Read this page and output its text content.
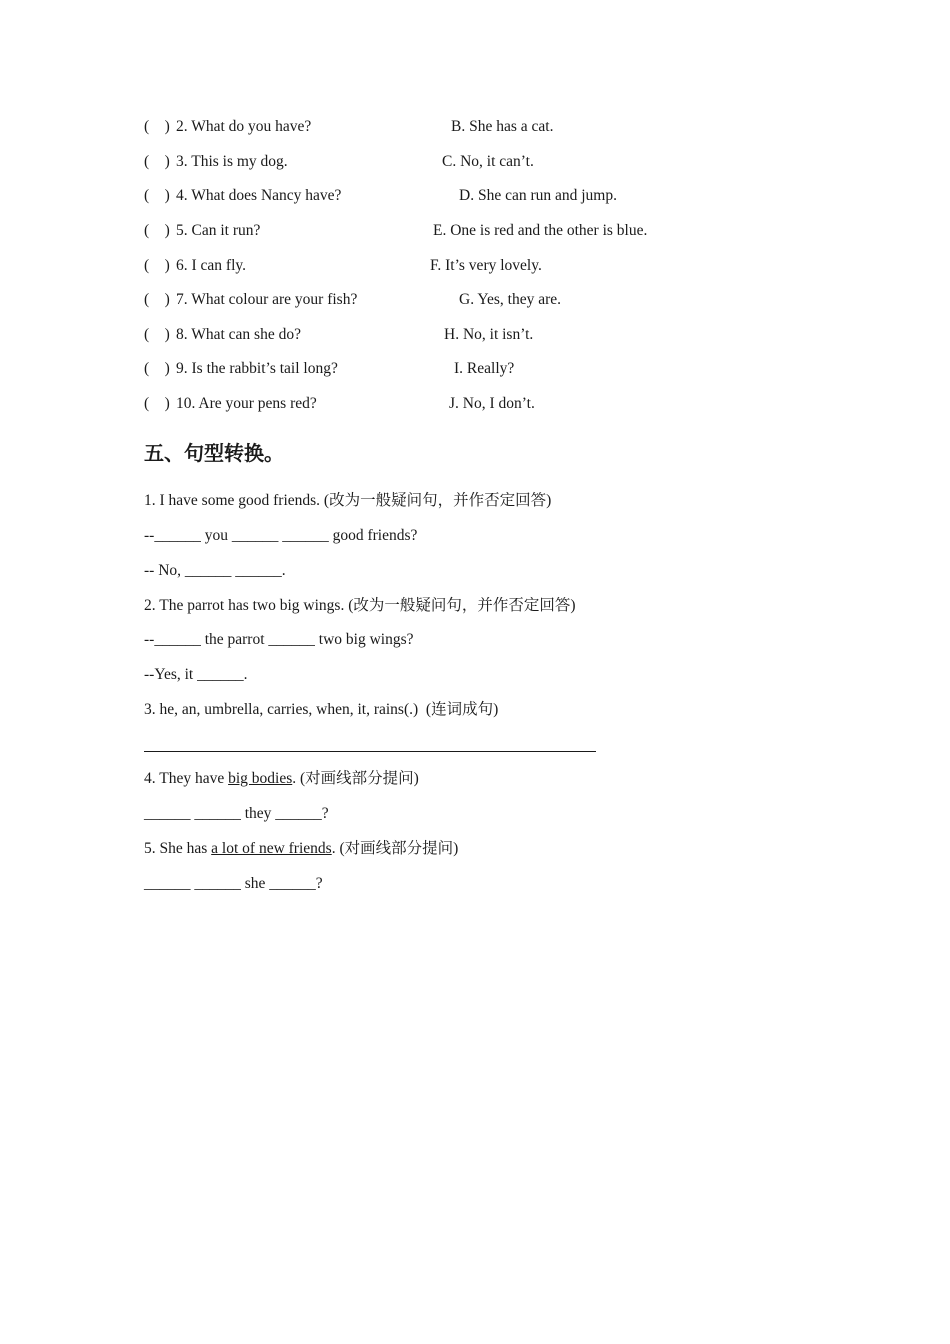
(    ) 2. What do you have?	B. She has a cat.
(    ) 3. This is my dog.	C. No, it can’t.
(    ) 4. What does Nancy have?	D. She can run and jump.
(    ) 5. Can it run?	E. One is red and the other is blue.
(    ) 6. I can fly.	F. It’s very lovely.
(    ) 7. What colour are your fish?	G. Yes, they are.
(    ) 8. What can she do?	H. No, it isn’t.
(    ) 9. Is the rabbit’s tail long?	I. Really?
(    ) 10. Are your pens red?	J. No, I don’t.
五、句型转换。
1. I have some good friends. (改为一般疑问句，并作否定回答)
--______ you ______ ______ good friends?
-- No, ______ ______.
2. The parrot has two big wings. (改为一般疑问句，并作否定回答)
--______ the parrot ______ two big wings?
--Yes, it ______.
3. he, an, umbrella, carries, when, it, rains(.)  (连词成句)
4. They have big bodies. (对画线部分提问)
______ ______ they ______?
5. She has a lot of new friends. (对画线部分提问)
______ ______ she ______?
